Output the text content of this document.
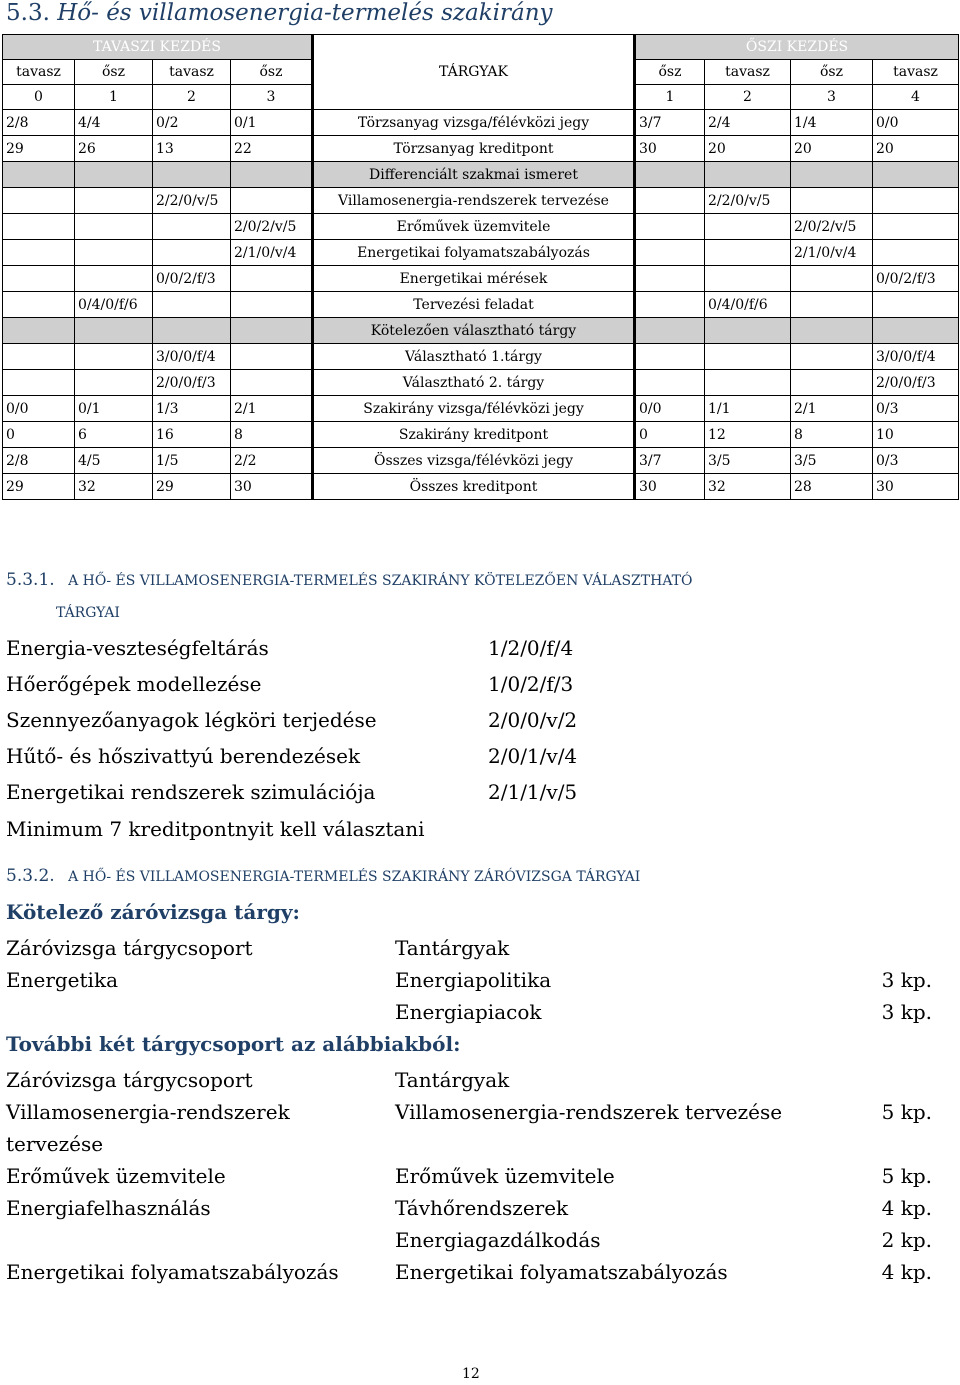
5.3. Hő- és villamosenergia-termelés szakirány
TAVASZI KEZDÉS				TÁRGYAK	ŐSZI KEZDÉS			
tavasz	ősz	tavasz	ősz		ősz	tavasz	ősz	tavasz
0	1	2	3		1	2	3	4
2/8	4/4	0/2	0/1	Törzsanyag vizsga/félévközi jegy	3/7	2/4	1/4	0/0
29	26	13	22	Törzsanyag kreditpont	30	20	20	20
				Differenciált szakmai ismeret				
		2/2/0/v/5		Villamosenergia-rendszerek tervezése		2/2/0/v/5		
			2/0/2/v/5	Erőművek üzemvitele			2/0/2/v/5	
			2/1/0/v/4	Energetikai folyamatszabályozás			2/1/0/v/4	
		0/0/2/f/3		Energetikai mérések				0/0/2/f/3
	0/4/0/f/6			Tervezési feladat		0/4/0/f/6		
				Kötelezően választható tárgy				
		3/0/0/f/4		Választható 1.tárgy				3/0/0/f/4
		2/0/0/f/3		Választható 2. tárgy				2/0/0/f/3
0/0	0/1	1/3	2/1	Szakirány vizsga/félévközi jegy	0/0	1/1	2/1	0/3
0	6	16	8	Szakirány kreditpont	0	12	8	10
2/8	4/5	1/5	2/2	Összes vizsga/félévközi jegy	3/7	3/5	3/5	0/3
29	32	29	30	Összes kreditpont	30	32	28	30
5.3.1. A HŐ- ÉS VILLAMOSENERGIA-TERMELÉS SZAKIRÁNY KÖTELEZŐEN VÁLASZTHATÓ
TÁRGYAI
Energia-veszteségfeltárás	1/2/0/f/4
Hőerőgépek modellezése	1/0/2/f/3
Szennyezőanyagok légköri terjedése	2/0/0/v/2
Hűtő- és hőszivattyú berendezések	2/0/1/v/4
Energetikai rendszerek szimulációja	2/1/1/v/5
Minimum 7 kreditpontnyit kell választani
5.3.2. A HŐ- ÉS VILLAMOSENERGIA-TERMELÉS SZAKIRÁNY ZÁRÓVIZSGA TÁRGYAI
Kötelező záróvizsga tárgy:
Záróvizsga tárgycsoport	Tantárgyak
Energetika	Energiapolitika	3 kp.
Energiapiacok	3 kp.
További két tárgycsoport az alábbiakból:
Záróvizsga tárgycsoport	Tantárgyak
Villamosenergia-rendszerek	Villamosenergia-rendszerek tervezése	5 kp.
tervezése
Erőművek üzemvitele	Erőművek üzemvitele	5 kp.
Energiafelhasználás	Távhőrendszerek	4 kp.
Energiagazdálkodás	2 kp.
Energetikai folyamatszabályozás	Energetikai folyamatszabályozás	4 kp.
12
